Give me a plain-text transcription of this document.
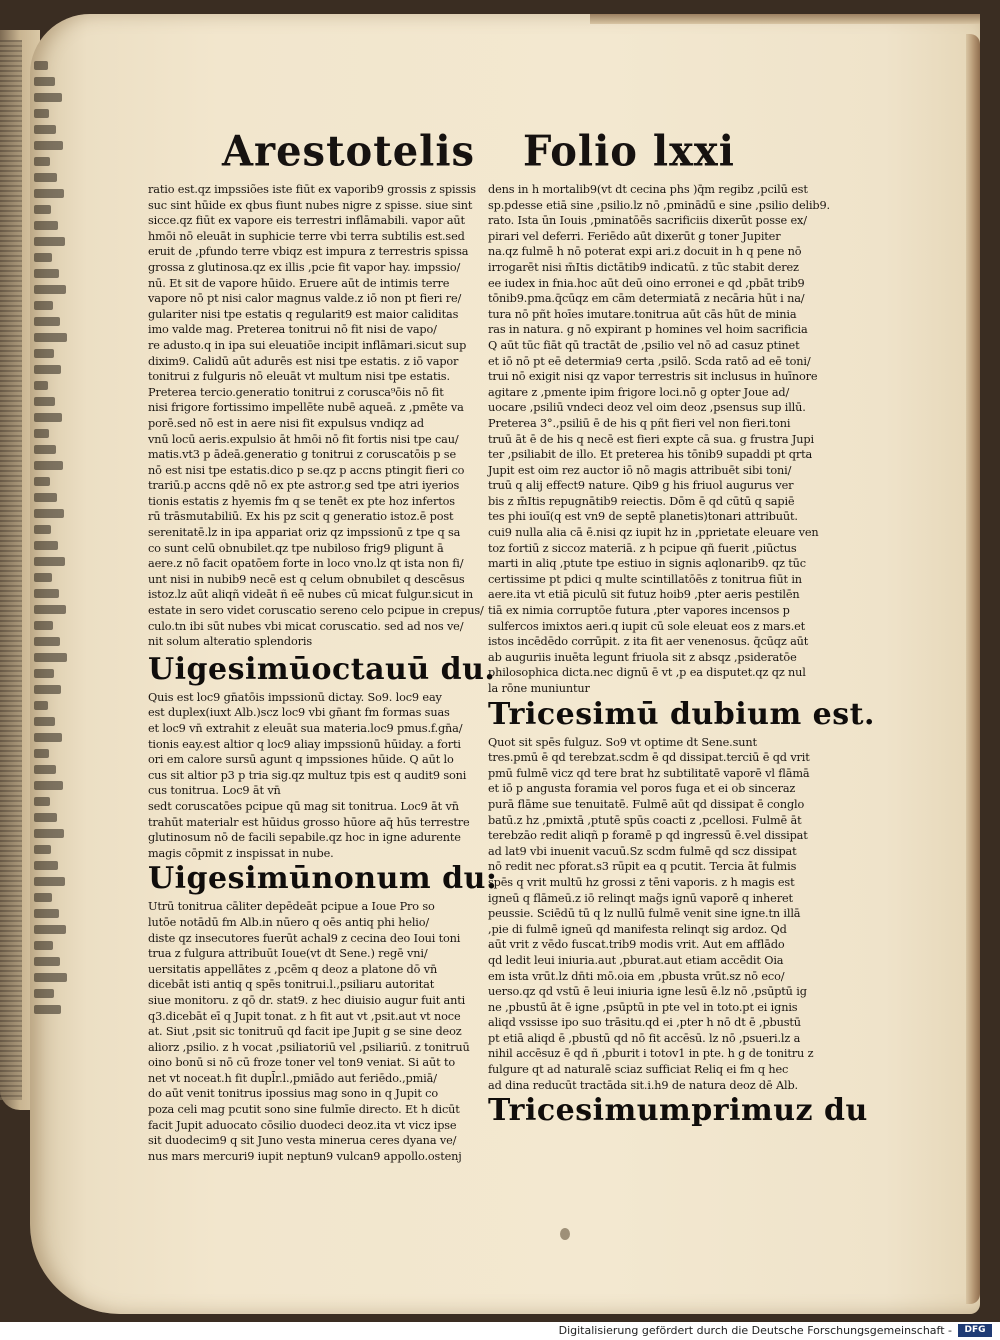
Arestotelis Folio lxxi
ratio est.qz impssiões iste fiūt ex vaporib9 grossis z spissis
suc sint hūide ex qbus fiunt nubes nigre z spisse. siue sint
sicce.qz fiūt ex vapore eis terrestri inflāmabili. vapor aūt
hmōi nō eleuāt in suphicie terre vbi terra subtilis est.sed
eruit de ,pfundo terre vbiqz est impura z terrestris spissa
grossa z glutinosa.qz ex illis ,pcie fit vapor hay. impssio/
nū. Et sit de vapore hūido. Eruere aūt de intimis terre
vapore nō pt nisi calor magnus valde.z iō non pt fieri re/
gulariter nisi tpe estatis q regularit9 est maior caliditas
imo valde mag. Preterea tonitrui nō fit nisi de vapo/
re adusto.q in ipa sui eleuatiōe incipit inflāmari.sicut sup
dixim9. Calidū aūt adurēs est nisi tpe estatis. z iō vapor
tonitrui z fulguris nō eleuāt vt multum nisi tpe estatis.
Preterea tercio.generatio tonitrui z corusca⁹ōis nō fit
nisi frigore fortissimo impellēte nubē aqueā. z ,pmēte va
porē.sed nō est in aere nisi fit expulsus vndiqz ad
vnū locū aeris.expulsio āt hmōi nō fit fortis nisi tpe cau/
matis.vt3 p ādeā.generatio g tonitrui z coruscatōis p se
nō est nisi tpe estatis.dico p se.qz p accns ptingit fieri co
trariū.p accns qdē nō ex pte astror.g sed tpe atri iyerios
tionis estatis z hyemis fm q se tenēt ex pte hoz infertos
rū trāsmutabiliū. Ex his pz scit q generatio istoz.ē post
serenitatē.lz in ipa appariat oriz qz impssionū z tpe q sa
co sunt celū obnubilet.qz tpe nubiloso frig9 pligunt ā
aere.z nō facit opatōem forte in loco vno.lz qt ista non fi/
unt nisi in nubib9 necē est q celum obnubilet q descēsus
istoz.lz aūt aliqñ videāt ñ eē nubes cū micat fulgur.sicut in
estate in sero videt coruscatio sereno celo pcipue in crepus/
culo.tn ibi sūt nubes vbi micat coruscatio. sed ad nos ve/
nit solum alteratio splendoris
Uigesimūoctauū du.
Quis est loc9 gn̄atōis impssionū dictay. So9. loc9 eay
est duplex(iuxt Alb.)scz loc9 vbi gn̄ant fm formas suas
et loc9 vn̄ extrahit z eleuāt sua materia.loc9 pmus.f.gn̄a/
tionis eay.est altior q loc9 aliay impssionū hūiday. a forti
ori em calore sursū agunt q impssiones hūide. Q aūt lo
cus sit altior p3 p tria sig.qz multuz tpis est q audit9 soni
cus tonitrua. Loc9 āt vn̄
sedt coruscatōes pcipue qū mag sit tonitrua. Loc9 āt vn̄
trahūt materialr est hūidus grosso hūore aq̄ hūs terrestre
glutinosum nō de facili sepabile.qz hoc in igne adurente
magis cōpmit z inspissat in nube.
Uigesimūnonum du:
Utrū tonitrua cāliter depēdeāt pcipue a Ioue Pro so
lutōe notādū fm Alb.in nūero q oēs antiq phi helio/
diste qz insecutores fuerūt achal9 z cecina deo Ioui toni
trua z fulgura attribuūt Ioue(vt dt Sene.) regē vni/
uersitatis appellātes z ,pcēm q deoz a platone dō vn̄
dicebāt isti antiq q spēs tonitrui.l.,psiliaru autoritat
siue monitoru. z qō dr. stat9. z hec diuisio augur fuit anti
q3.dicebāt eī q Jupit tonat. z h fit aut vt ,psit.aut vt noce
at. Siut ,psit sic tonitruū qd facit ipe Jupit g se sine deoz
aliorz ,psilio. z h vocat ,psiliatoriū vel ,psiliariū. z tonitruū
oino bonū si nō cū froze toner vel ton9 veniat. Si aūt to
net vt noceat.h fit dupl̄r.l.,pmiādo aut feriēdo.,pmiā/
do aūt venit tonitrus ipossius mag sono in q Jupit co
poza celi mag pcutit sono sine fulmīe directo. Et h dicūt
facit Jupit aduocato cōsilio duodeci deoz.ita vt vicz ipse
sit duodecim9 q sit Juno vesta minerua ceres dyana ve/
nus mars mercuri9 iupit neptun9 vulcan9 appollo.ostenj
dens in h mortalib9(vt dt cecina phs )q̄m regibz ,pcilū est
sp.pdesse etiā sine ,psilio.lz nō ,pminādū e sine ,psilio delib9.
rato. Ista ūn Iouis ,pminatōēs sacrificiis dixerūt posse ex/
pirari vel deferri. Feriēdo aūt dixerūt g toner Jupiter
na.qz fulmē h nō poterat expi ari.z docuit in h q pene nō
irrogarēt nisi m̄Itis dictātib9 indicatū. z tūc stabit derez
ee iudex in fnia.hoc aūt deū oino erronei e qd ,pbāt trib9
tōnib9.pma.q̄cūqz em cām determiatā z necāria hūt i na/
tura nō pñt hoīes imutare.tonitrua aūt cās hūt de minia
ras in natura. g nō expirant p homines vel hoim sacrificia
Q aūt tūc fiāt qū tractāt de ,psilio vel nō ad casuz ptinet
et iō nō pt eē determia9 certa ,psilō. Scda ratō ad eē toni/
trui nō exigit nisi qz vapor terrestris sit inclusus in huīnore
agitare z ,pmente ipim frigore loci.nō g opter Joue ad/
uocare ,psiliū vndeci deoz vel oim deoz ,psensus sup illū.
Preterea 3°.,psiliū ē de his q pñt fieri vel non fieri.toni
truū āt ē de his q necē est fieri expte cā sua. g frustra Jupi
ter ,psiliabit de illo. Et preterea his tōnib9 supaddi pt qrta
Jupit est oim rez auctor iō nō magis attribuēt sibi toni/
truū q alij effect9 nature. Qib9 g his friuol augurus ver
bis z m̄Itis repugnātib9 reiectis. Dōm ē qd cūtū q sapiē
tes phi iouī(q est vn9 de septē planetis)tonari attribuūt.
cui9 nulla alia cā ē.nisi qz iupit hz in ,pprietate eleuare ven
toz fortiū z siccoz materiā. z h pcipue qñ fuerit ,piūctus
marti in aliq ,ptute tpe estiuo in signis aqlonarib9. qz tūc
certissime pt pdici q multe scintillatōēs z tonitrua fiūt in
aere.ita vt etiā piculū sit futuz hoib9 ,pter aeris pestilēn
tiā ex nimia corruptōe futura ,pter vapores incensos p
sulfercos imixtos aeri.q iupit cū sole eleuat eos z mars.et
istos incēdēdo corrūpit. z ita fit aer venenosus. q̄cūqz aūt
ab auguriis inuēta legunt friuola sit z absqz ,psideratōe
philosophica dicta.nec dignū ē vt ,p ea disputet.qz qz nul
la rōne muniuntur
Tricesimū dubium est.
Quot sit spēs fulguz. So9 vt optime dt Sene.sunt
tres.pmū ē qd terebzat.scdm ē qd dissipat.terciū ē qd vrit
pmū fulmē vicz qd tere brat hz subtilitatē vaporē vl flāmā
et iō p angusta foramia vel poros fuga et ei ob sinceraz
purā flāme sue tenuitatē. Fulmē aūt qd dissipat ē conglo
batū.z hz ,pmixtā ,ptutē spūs coacti z ,pcellosi. Fulmē āt
terebzāo redit aliqñ p foramē p qd ingressū ē.vel dissipat
ad lat9 vbi inuenit vacuū.Sz scdm fulmē qd scz dissipat
nō redit nec pforat.s3 rūpit ea q pcutit. Tercia āt fulmis
spēs q vrit multū hz grossi z tēni vaporis. z h magis est
igneū q flāmeū.z iō relinqt mag̃s ignū vaporē q inheret
peussie. Sciēdū tū q lz nullū fulmē venit sine igne.tn illā
,pie di fulmē igneū qd manifesta relinqt sig ardoz. Qd
aūt vrit z vēdo fuscat.trib9 modis vrit. Aut em afflādo
qd ledit leui iniuria.aut ,pburat.aut etiam accēdit Oia
em ista vrūt.lz dn̄ti mō.oia em ,pbusta vrūt.sz nō eco/
uerso.qz qd vstū ē leui iniuria igne lesū ē.lz nō ,psūptū ig
ne ,pbustū āt ē igne ,psūptū in pte vel in toto.pt ei ignis
aliqd vssisse ipo suo trāsitu.qd ei ,pter h nō dt ē ,pbustū
pt etiā aliqd ē ,pbustū qd nō fit accēsū. lz nō ,psueri.lz a
nihil accēsuz ē qd ñ ,pburit i totov1 in pte. h g de tonitru z
fulgure qt ad naturalē sciaz sufficiat Reliq ei fm q hec
ad dina reducūt tractāda sit.i.h9 de natura deoz dē Alb.
Tricesimumprimuz du
Digitalisierung gefördert durch die Deutsche Forschungsgemeinschaft -	DFG
